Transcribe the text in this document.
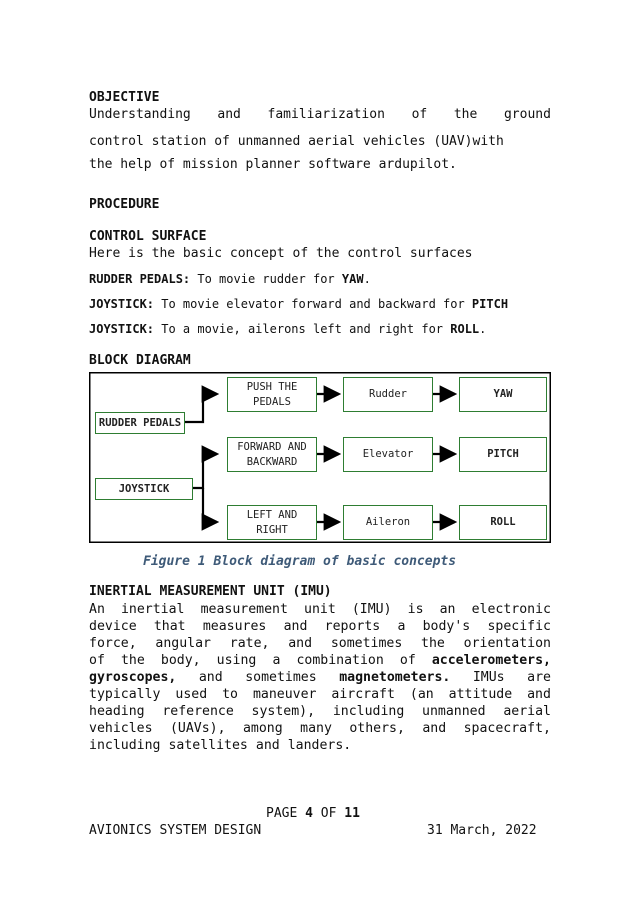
OBJECTIVE
Understanding and familiarization of the ground
control station of unmanned aerial vehicles (UAV)with
the help of mission planner software ardupilot.
PROCEDURE
CONTROL SURFACE
Here is the basic concept of the control surfaces
RUDDER PEDALS: To movie rudder for YAW.
JOYSTICK: To movie elevator forward and backward for PITCH
JOYSTICK: To a movie, ailerons left and right for ROLL.
BLOCK DIAGRAM
RUDDER PEDALS
JOYSTICK
PUSH THE
PEDALS
FORWARD AND
BACKWARD
LEFT AND
RIGHT
Rudder
Elevator
Aileron
YAW
PITCH
ROLL
Figure 1 Block diagram of basic concepts
INERTIAL MEASUREMENT UNIT (IMU)
An inertial measurement unit (IMU) is an electronic
device that measures and reports a body's specific
force, angular rate, and sometimes the orientation
of the body, using a combination of accelerometers,
gyroscopes, and sometimes magnetometers. IMUs are
typically used to maneuver aircraft (an attitude and
heading reference system), including unmanned aerial
vehicles (UAVs), among many others, and spacecraft,
including satellites and landers.
PAGE 4 OF 11
AVIONICS SYSTEM DESIGN	31 March, 2022
